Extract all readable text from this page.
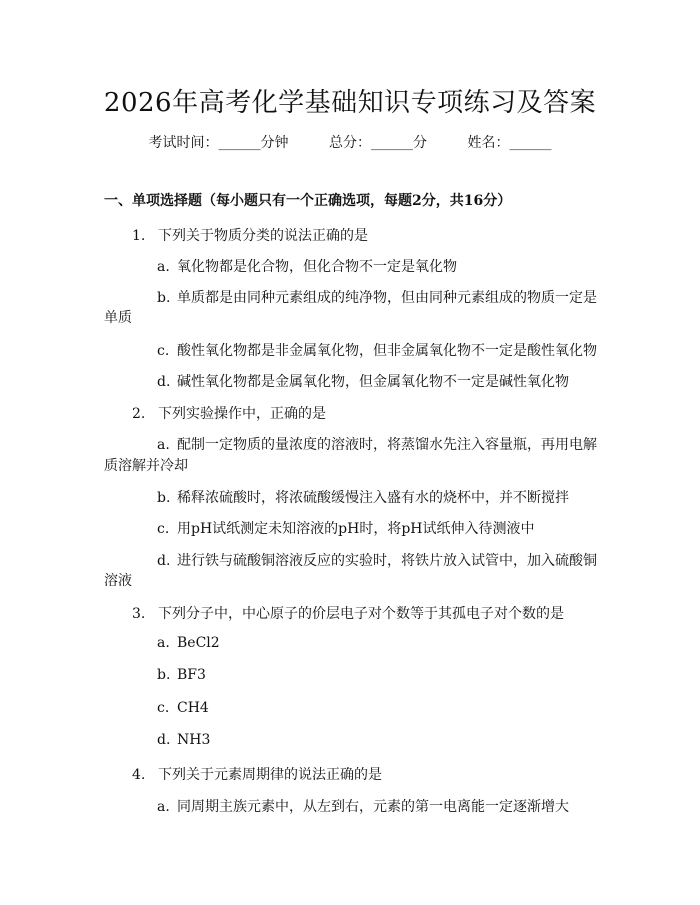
2026年高考化学基础知识专项练习及答案
考试时间：______分钟	总分：______分	姓名：______
一、单项选择题（每小题只有一个正确选项，每题2分，共16分）
1. 下列关于物质分类的说法正确的是
a. 氧化物都是化合物，但化合物不一定是氧化物
b. 单质都是由同种元素组成的纯净物，但由同种元素组成的物质一定是
单质
c. 酸性氧化物都是非金属氧化物，但非金属氧化物不一定是酸性氧化物
d. 碱性氧化物都是金属氧化物，但金属氧化物不一定是碱性氧化物
2. 下列实验操作中，正确的是
a. 配制一定物质的量浓度的溶液时，将蒸馏水先注入容量瓶，再用电解
质溶解并冷却
b. 稀释浓硫酸时，将浓硫酸缓慢注入盛有水的烧杯中，并不断搅拌
c. 用pH试纸测定未知溶液的pH时，将pH试纸伸入待测液中
d. 进行铁与硫酸铜溶液反应的实验时，将铁片放入试管中，加入硫酸铜
溶液
3. 下列分子中，中心原子的价层电子对个数等于其孤电子对个数的是
a. BeCl2
b. BF3
c. CH4
d. NH3
4. 下列关于元素周期律的说法正确的是
a. 同周期主族元素中，从左到右，元素的第一电离能一定逐渐增大
